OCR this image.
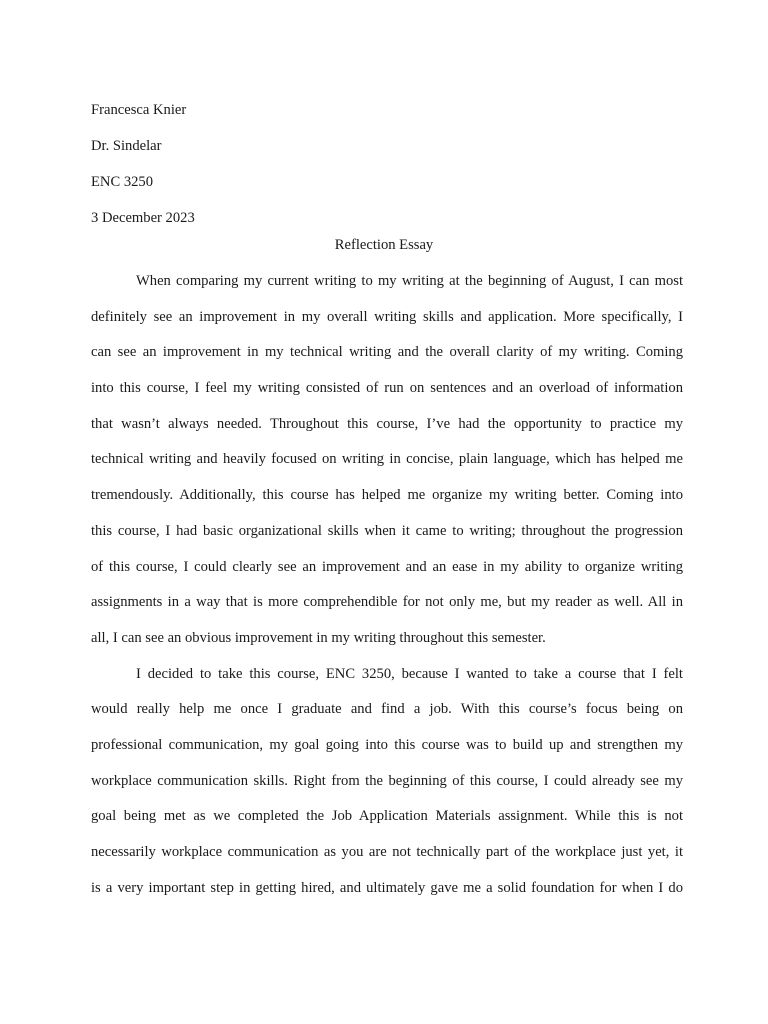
Francesca Knier
Dr. Sindelar
ENC 3250
3 December 2023
Reflection Essay

When comparing my current writing to my writing at the beginning of August, I can most
definitely see an improvement in my overall writing skills and application. More specifically, I
can see an improvement in my technical writing and the overall clarity of my writing. Coming
into this course, I feel my writing consisted of run on sentences and an overload of information
that wasn’t always needed. Throughout this course, I’ve had the opportunity to practice my
technical writing and heavily focused on writing in concise, plain language, which has helped me
tremendously. Additionally, this course has helped me organize my writing better. Coming into
this course, I had basic organizational skills when it came to writing; throughout the progression
of this course, I could clearly see an improvement and an ease in my ability to organize writing
assignments in a way that is more comprehendible for not only me, but my reader as well. All in
all, I can see an obvious improvement in my writing throughout this semester.

I decided to take this course, ENC 3250, because I wanted to take a course that I felt
would really help me once I graduate and find a job. With this course’s focus being on
professional communication, my goal going into this course was to build up and strengthen my
workplace communication skills. Right from the beginning of this course, I could already see my
goal being met as we completed the Job Application Materials assignment. While this is not
necessarily workplace communication as you are not technically part of the workplace just yet, it
is a very important step in getting hired, and ultimately gave me a solid foundation for when I do
